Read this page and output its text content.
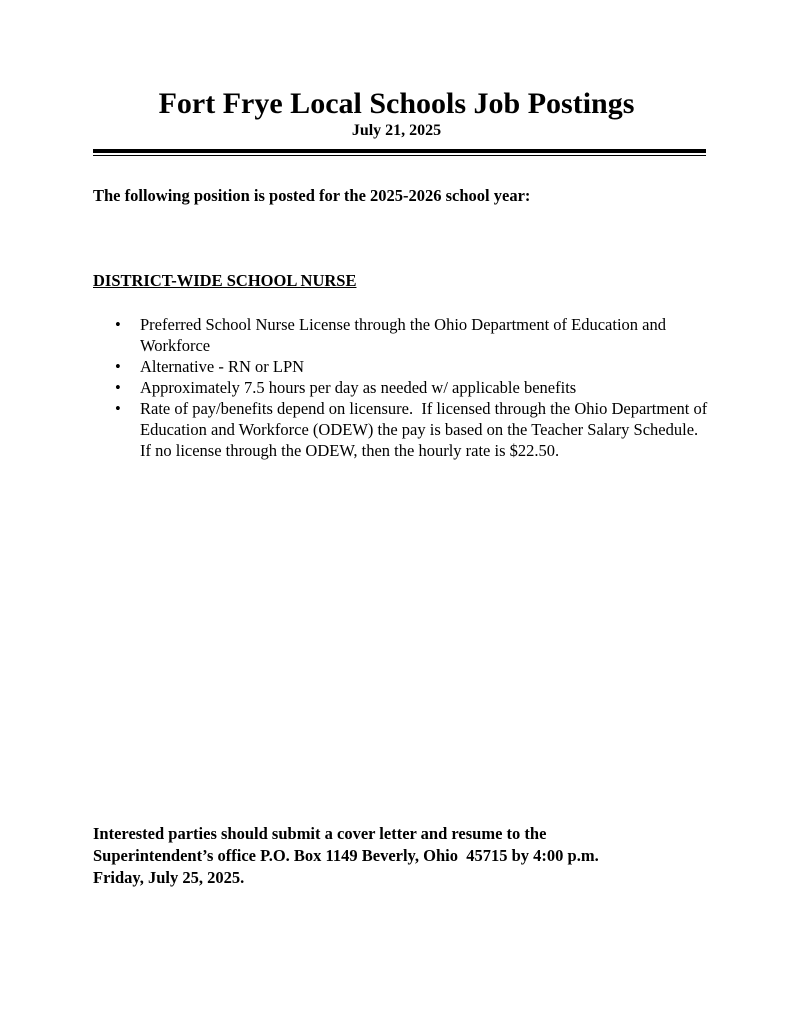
Fort Frye Local Schools Job Postings
July 21, 2025
The following position is posted for the 2025-2026 school year:
DISTRICT-WIDE SCHOOL NURSE
• Preferred School Nurse License through the Ohio Department of Education and Workforce
• Alternative - RN or LPN
• Approximately 7.5 hours per day as needed w/ applicable benefits
• Rate of pay/benefits depend on licensure.  If licensed through the Ohio Department of Education and Workforce (ODEW) the pay is based on the Teacher Salary Schedule.  If no license through the ODEW, then the hourly rate is $22.50.
Interested parties should submit a cover letter and resume to the
Superintendent’s office P.O. Box 1149 Beverly, Ohio  45715 by 4:00 p.m.
Friday, July 25, 2025.
